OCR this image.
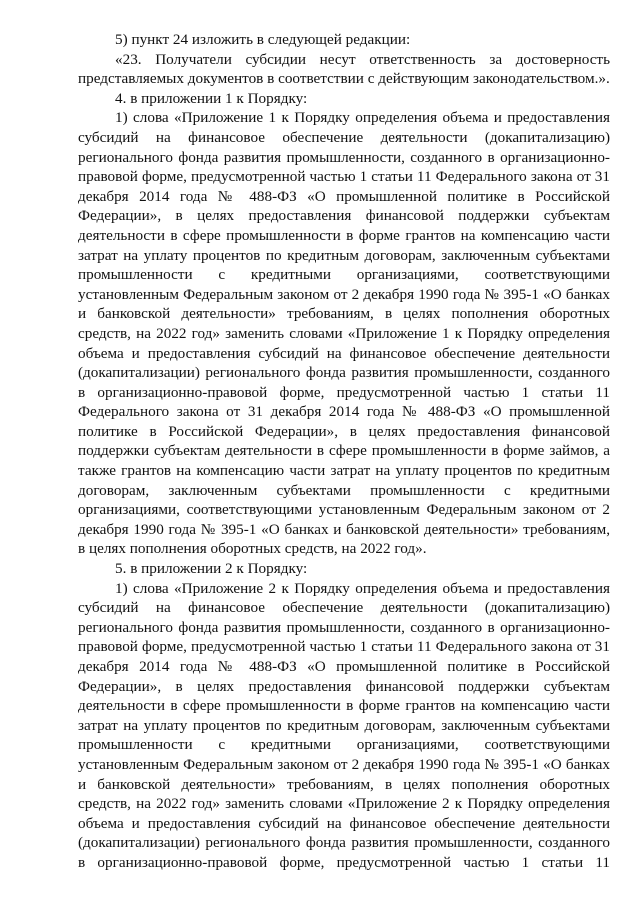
5) пункт 24 изложить в следующей редакции:

«23. Получатели субсидии несут ответственность за достоверность представляемых документов в соответствии с действующим законодательством.».

4. в приложении 1 к Порядку:

1) слова «Приложение 1 к Порядку определения объема и предоставления субсидий на финансовое обеспечение деятельности (докапитализацию) регионального фонда развития промышленности, созданного в организационно-правовой форме, предусмотренной частью 1 статьи 11 Федерального закона от 31 декабря 2014 года № 488-ФЗ «О промышленной политике в Российской Федерации», в целях предоставления финансовой поддержки субъектам деятельности в сфере промышленности в форме грантов на компенсацию части затрат на уплату процентов по кредитным договорам, заключенным субъектами промышленности с кредитными организациями, соответствующими установленным Федеральным законом от 2 декабря 1990 года № 395-1 «О банках и банковской деятельности» требованиям, в целях пополнения оборотных средств, на 2022 год» заменить словами «Приложение 1 к Порядку определения объема и предоставления субсидий на финансовое обеспечение деятельности (докапитализации) регионального фонда развития промышленности, созданного в организационно-правовой форме, предусмотренной частью 1 статьи 11 Федерального закона от 31 декабря 2014 года № 488-ФЗ «О промышленной политике в Российской Федерации», в целях предоставления финансовой поддержки субъектам деятельности в сфере промышленности в форме займов, а также грантов на компенсацию части затрат на уплату процентов по кредитным договорам, заключенным субъектами промышленности с кредитными организациями, соответствующими установленным Федеральным законом от 2 декабря 1990 года № 395-1 «О банках и банковской деятельности» требованиям, в целях пополнения оборотных средств, на 2022 год».

5. в приложении 2 к Порядку:

1) слова «Приложение 2 к Порядку определения объема и предоставления субсидий на финансовое обеспечение деятельности (докапитализацию) регионального фонда развития промышленности, созданного в организационно-правовой форме, предусмотренной частью 1 статьи 11 Федерального закона от 31 декабря 2014 года № 488-ФЗ «О промышленной политике в Российской Федерации», в целях предоставления финансовой поддержки субъектам деятельности в сфере промышленности в форме грантов на компенсацию части затрат на уплату процентов по кредитным договорам, заключенным субъектами промышленности с кредитными организациями, соответствующими установленным Федеральным законом от 2 декабря 1990 года № 395-1 «О банках и банковской деятельности» требованиям, в целях пополнения оборотных средств, на 2022 год» заменить словами «Приложение 2 к Порядку определения объема и предоставления субсидий на финансовое обеспечение деятельности (докапитализации) регионального фонда развития промышленности, созданного в организационно-правовой форме, предусмотренной частью 1 статьи 11
